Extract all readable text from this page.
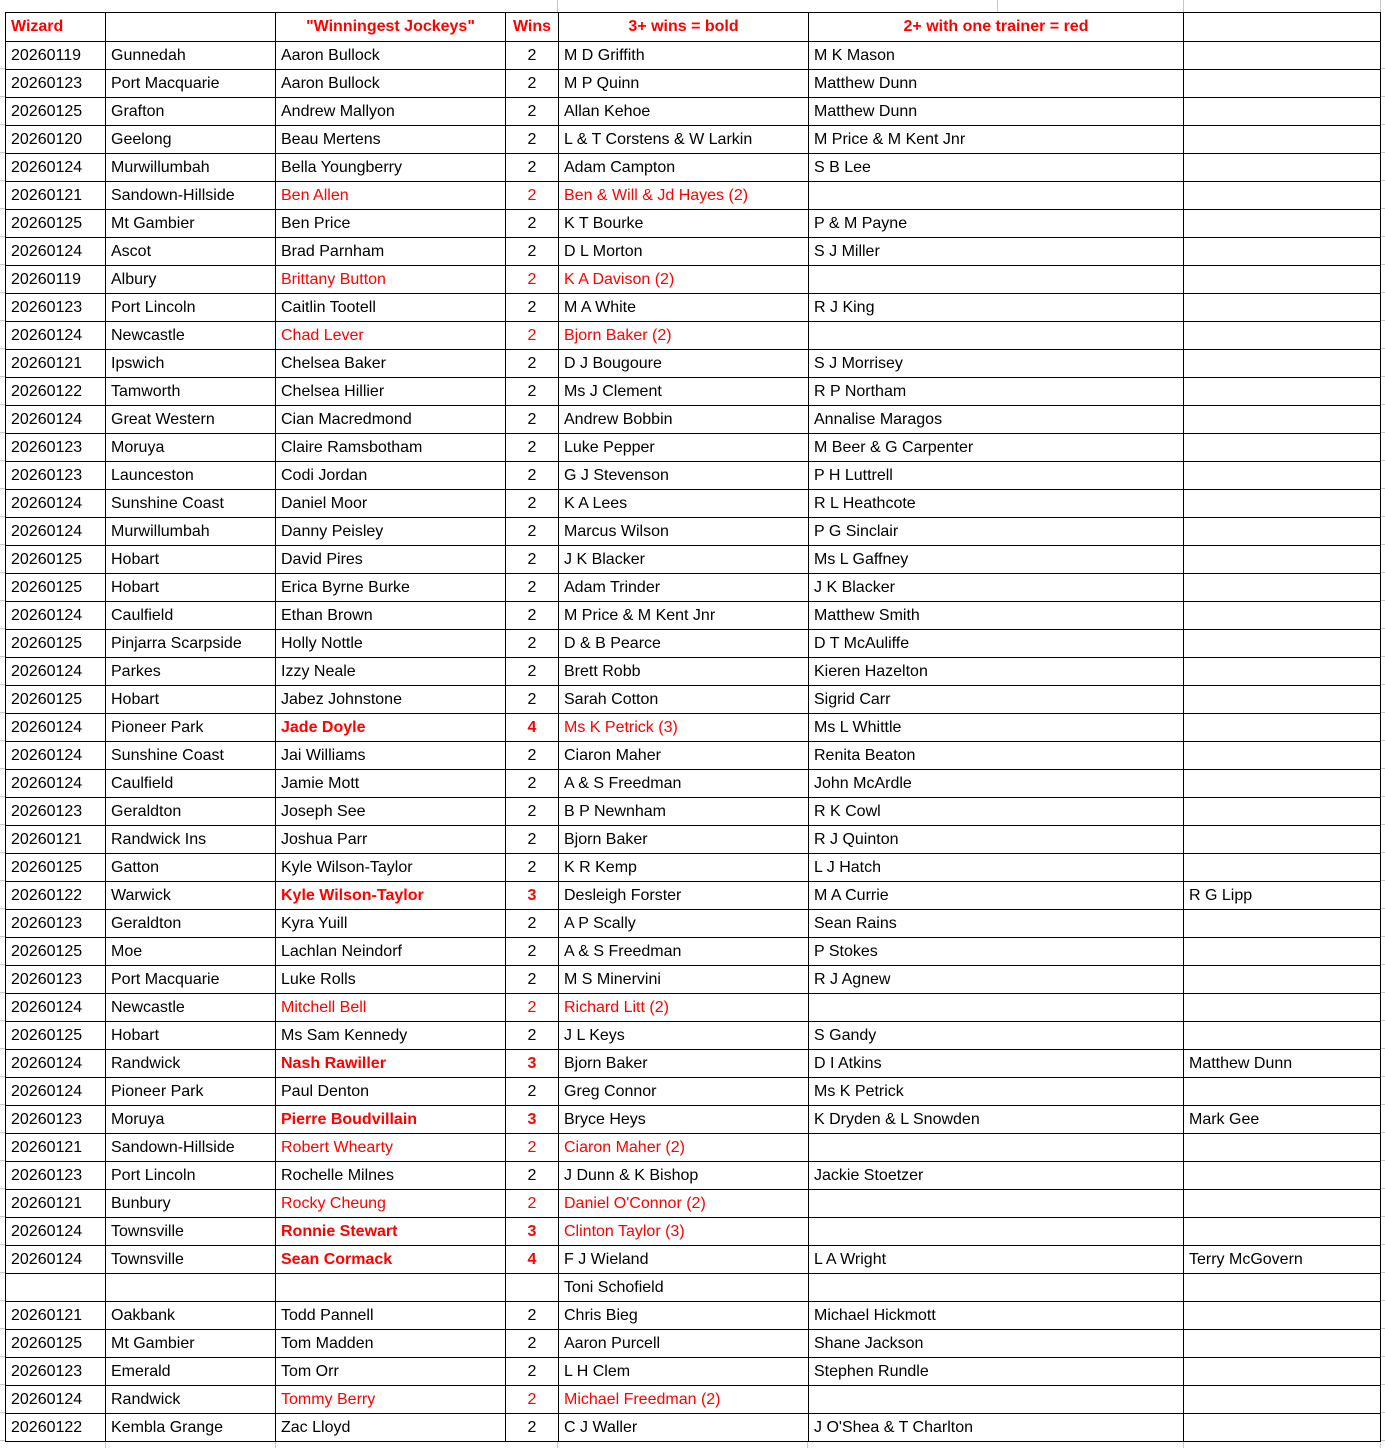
Wizard		"Winningest Jockeys"	Wins	3+ wins = bold	2+ with one trainer = red	
20260119	Gunnedah	Aaron Bullock	2	M D Griffith	M K Mason	
20260123	Port Macquarie	Aaron Bullock	2	M P Quinn	Matthew Dunn	
20260125	Grafton	Andrew Mallyon	2	Allan Kehoe	Matthew Dunn	
20260120	Geelong	Beau Mertens	2	L & T Corstens & W Larkin	M Price & M Kent Jnr	
20260124	Murwillumbah	Bella Youngberry	2	Adam Campton	S B Lee	
20260121	Sandown-Hillside	Ben Allen	2	Ben & Will & Jd Hayes (2)		
20260125	Mt Gambier	Ben Price	2	K T Bourke	P & M Payne	
20260124	Ascot	Brad Parnham	2	D L Morton	S J Miller	
20260119	Albury	Brittany Button	2	K A Davison (2)		
20260123	Port Lincoln	Caitlin Tootell	2	M A White	R J King	
20260124	Newcastle	Chad Lever	2	Bjorn Baker (2)		
20260121	Ipswich	Chelsea Baker	2	D J Bougoure	S J Morrisey	
20260122	Tamworth	Chelsea Hillier	2	Ms J Clement	R P Northam	
20260124	Great Western	Cian Macredmond	2	Andrew Bobbin	Annalise Maragos	
20260123	Moruya	Claire Ramsbotham	2	Luke Pepper	M Beer & G Carpenter	
20260123	Launceston	Codi Jordan	2	G J Stevenson	P H Luttrell	
20260124	Sunshine Coast	Daniel Moor	2	K A Lees	R L Heathcote	
20260124	Murwillumbah	Danny Peisley	2	Marcus Wilson	P G Sinclair	
20260125	Hobart	David Pires	2	J K Blacker	Ms L Gaffney	
20260125	Hobart	Erica Byrne Burke	2	Adam Trinder	J K Blacker	
20260124	Caulfield	Ethan Brown	2	M Price & M Kent Jnr	Matthew Smith	
20260125	Pinjarra Scarpside	Holly Nottle	2	D & B Pearce	D T McAuliffe	
20260124	Parkes	Izzy Neale	2	Brett Robb	Kieren Hazelton	
20260125	Hobart	Jabez Johnstone	2	Sarah Cotton	Sigrid Carr	
20260124	Pioneer Park	Jade Doyle	4	Ms K Petrick (3)	Ms L Whittle	
20260124	Sunshine Coast	Jai Williams	2	Ciaron Maher	Renita Beaton	
20260124	Caulfield	Jamie Mott	2	A & S Freedman	John McArdle	
20260123	Geraldton	Joseph See	2	B P Newnham	R K Cowl	
20260121	Randwick Ins	Joshua Parr	2	Bjorn Baker	R J Quinton	
20260125	Gatton	Kyle Wilson-Taylor	2	K R Kemp	L J Hatch	
20260122	Warwick	Kyle Wilson-Taylor	3	Desleigh Forster	M A Currie	R G Lipp
20260123	Geraldton	Kyra Yuill	2	A P Scally	Sean Rains	
20260125	Moe	Lachlan Neindorf	2	A & S Freedman	P Stokes	
20260123	Port Macquarie	Luke Rolls	2	M S Minervini	R J Agnew	
20260124	Newcastle	Mitchell Bell	2	Richard Litt (2)		
20260125	Hobart	Ms Sam Kennedy	2	J L Keys	S Gandy	
20260124	Randwick	Nash Rawiller	3	Bjorn Baker	D I Atkins	Matthew Dunn
20260124	Pioneer Park	Paul Denton	2	Greg Connor	Ms K Petrick	
20260123	Moruya	Pierre Boudvillain	3	Bryce Heys	K Dryden & L Snowden	Mark Gee
20260121	Sandown-Hillside	Robert Whearty	2	Ciaron Maher (2)		
20260123	Port Lincoln	Rochelle Milnes	2	J Dunn & K Bishop	Jackie Stoetzer	
20260121	Bunbury	Rocky Cheung	2	Daniel O'Connor (2)		
20260124	Townsville	Ronnie Stewart	3	Clinton Taylor (3)		
20260124	Townsville	Sean Cormack	4	F J Wieland	L A Wright	Terry McGovern
				Toni Schofield		
20260121	Oakbank	Todd Pannell	2	Chris Bieg	Michael Hickmott	
20260125	Mt Gambier	Tom Madden	2	Aaron Purcell	Shane Jackson	
20260123	Emerald	Tom Orr	2	L H Clem	Stephen Rundle	
20260124	Randwick	Tommy Berry	2	Michael Freedman (2)		
20260122	Kembla Grange	Zac Lloyd	2	C J Waller	J O'Shea & T Charlton	
